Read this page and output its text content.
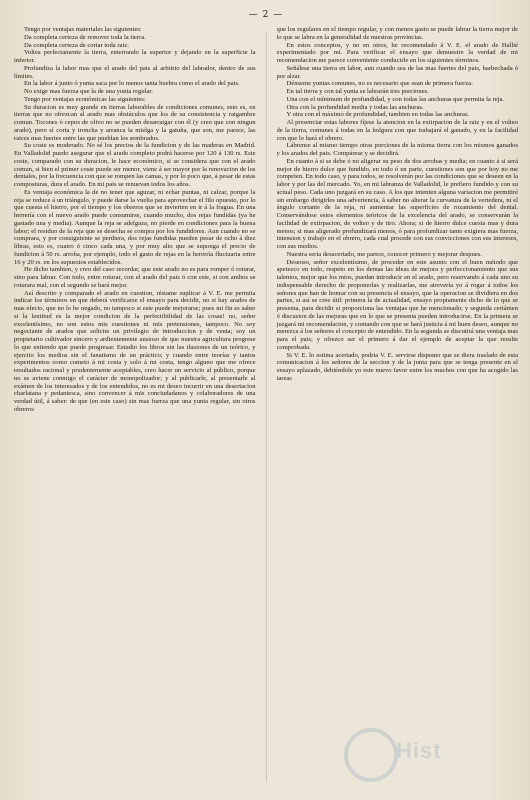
— 2 —

Tengo por ventajas materiales las siguientes:

Da completa certeza de remover toda la tierra.

Da completa certeza de cortar toda raiz.

Voltea perfectamente la tierra, enterrando la superior y dejando en la superficie la inferior.

Profundiza la labor mas que el arado del pais al arbitrio del labrador, dentro de sus límites.

En la labor á junto ó yunta saca por lo menos tanta huebra como el arado del pais.

No exige mas fuerza que la de una yunta regular.

Tengo por ventajas económicas las siguientes:

Su duracion es muy grande en tierras laborables de condiciones comunes, esto es, en tierras que no ofrezcan al arado mas obstáculos que los de su consistencia y raigambre comun. Tocones ó cepos de olivo no se pueden desarraigar con él (y creo que con ningun arado), pero sí corta y troncha y arranca la mielga y la gatuña, que son, me parece, las raices mas fuertes entre las que pueblan los sembrados.

Su coste es moderado. No sé los precios de la fundicion y de las maderas en Madrid. En Valladolid puedo asegurar que el arado completo podrá hacerse por 120 á 130 rs. Este coste, comparado con su duracion, le hace económico, si se considera que con el arado comun, si bien el primer coste puede ser menor, viene á ser mayor por la renovacion de los dentales, por la frecuencia con que se rompen las camas, y por lo poco que, á pesar de estas composturas, dura el arado. En mi pais se renuevan todos los años.

Es ventaja económica la de no tener que aguzar, ni echar puntas, ni calzar, porque la reja se reduce á un triángulo, y puede darse la vuelta para aprovechar el filo opuesto, por lo que cuesta el hierro, por el tiempo y los obreros que se invierten en ir á la fragua. En una herrería con el nuevo arado puede consumirse, cuando mucho, dos rejas fundidas (ya he gastado una y media). Aunque la reja se adelgaza, no pierde en condiciones para la buena labor; el residuo de la reja que se desecha se compra por los fundidores. Aun cuando no se comprara, y por consiguiente se perdiera, dos rejas fundidas pueden pesar de ocho á diez libras, esto es, cuatro ó cinco cada una, y por muy alto que se suponga el precio de fundicion á 50 rs. arroba, por ejemplo, todo el gasto de rejas en la herrería fluctuaria entre 16 y 20 rs. en los supuestos establecidos.

He dicho tambien, y creo del caso recordar, que este arado no es para romper ó roturar, sino para labrar. Con todo, entre roturar, con el arado del pais ó con este, si con ambos se roturara mal, con el segundo se hará mejor.

Así descrito y comparado el arado en cuestion, réstame suplicar á V. E. me permita indicar los términos en que deberá verificarse el ensayo para decidir, no si hay arados de mas efecto, que no lo he negado, no tampoco si este puede mejorarse; pues mi fin es saber si la lentitud es la mejor condicion de la perfectibilidad de las cosas! no, señor excelentísimo, no son estos mis cuestiones ni mis pretensiones, tampoco. No soy negociante de arados que solicite un privilegio de introduccion y de venta; soy un propietario cultivador sincero y ardientemente ansioso de que nuestra agricultura progrese lo que entiendo que puede progresar. Estudio los libros sin las ilusiones de un teórico, y ejercito los medios sin el fanatismo de un práctico; y cuando entre teorías y tantos experimentos como cometo á mi costa y solo á mi costa, tengo alguno que me ofrece resultados racional y prudentemente aceptables, creo hacer un servicio al público, porque no se aviene conmigo el carácter de monopolizador; y al publicarle, al presentarle al exámen de los interesados y de los entendidos, no es mi deseo incurrir en una desertacion charlatana y pedantesca, sino convencer á mis conciudadanos y colaboradores de una verdad útil, á saber: de que (en este caso) sin mas fuerza que una yunta regular, sin otros obreros

que los regulares en el tiempo regular, y con menos gasto se puede labrar la tierra mejor de lo que se labra en la generalidad de nuestras provincias.

En estos conceptos, y no en otros, he recomendado á V. E. el arado de Hallié experimentado por mí. Para verificar el ensayo que demuestre la verdad de mi recomendacion me parece conveniente conducirle en los siguientes términos.

Señálese una tierra en labor, aun cuando sea de las mas fuertes del pais, barbechada ó por alzar.

Dénseme yuntas comunes, no es necesario que sean de primera fuerza.

En tal tierra y con tal yunta se labrarán tres porciones.

Una con el mínimum de profundidad, y con todas las anchuras que permita la reja.

Otra con la profundidad media y todas las anchuras.

Y otra con el máximo de profundidad, tambien en todas las anchuras.

Al presenciar estas labores fíjese la atencion en la extirpacion de la raiz y en el volteo de la tierra, comunes á todas en la holgura con que trabajará el ganado, y en la facilidad con que lo hará el obrero.

Lábrense al mismo tiempo otras porciones de la misma tierra con los mismos ganados y los arados del pais. Compárese y se decidirá.

En cuanto á si se debe ó no aligerar su peso de dos arrobas y media; en cuanto á si será mejor de hierro dulce que fundido, en todo ó en parte, cuestiones son que por hoy no me competen. En todo caso, y para todos, se resolverán por las condiciones que se deseen en la labor y por las del mercado. Yo, en mi labranza de Valladolid, le prefiero fundido y con su actual peso. Cada uno juzgará en su caso. A los que intenten alguna variacion me permitiré sin embargo dirigirles una advertencia, á saber no alterar la curvatura de la vertedera, ni el ángulo cortante de la reja, ni aumentar las superficies de rozamiento del dental. Conservándose estos elementos teóricos de la excelencia del arado, se conservarán la facilidad de extirpacion, de volteo y de tiro. Ahora; si de hierro dulce cuesta mas y dura menos; si mas aligerado profundizará menos, ó para profundizar tanto exigiera mas fuerza, intension y trabajo en el obrero, cada cual procede con sus convicciones con sus intereses, con sus medios.

Nuestra seria desacertado, me parece, conocer primero y mejorar despues.

Deseoso, señor excelentísimo, de proceder en este asunto con el buen método que apetezco en todo, respeto en los demas las ideas de mejora y perfeccionamiento que sus talentos, mejor que los mios, puedan introducir en el arado, pero reservando á cada uno su indispensable derecho de proponerlas y realizarlas, me atrevería yo á rogar á todos los señores que han de honrar con su presencia el ensayo, que la operacion se dividiera en dos partes, si así se cree útil: primera la de actualidad, ensayo propiamente dicho de lo que se presenta, para decidir si proporciona las ventajas que he mencionado; y segunda certámen ó discusion de las mejoras que en lo que se presenta pueden introducirse. En la primera se juzgará mi recomendacion, y contando con que se hará justicia á mi buen deseo, aunque no merezca á los señores el concepto de entendido. En la segunda se discutirá una ventaja mas para el pais; y ofrezco ser el primero á dar el ejemplo de aceptar la que resulte comprobada.

Si V. E. lo estima acertado, podria V. E. servirse disponer que se diera traslado de esta comunicacion á los señores de la seccion y de la junta para que se tenga presente en el ensayo aplazado, debiéndole yo este nuevo favor entre los muchos con que ha acogido las tareas

Hist
